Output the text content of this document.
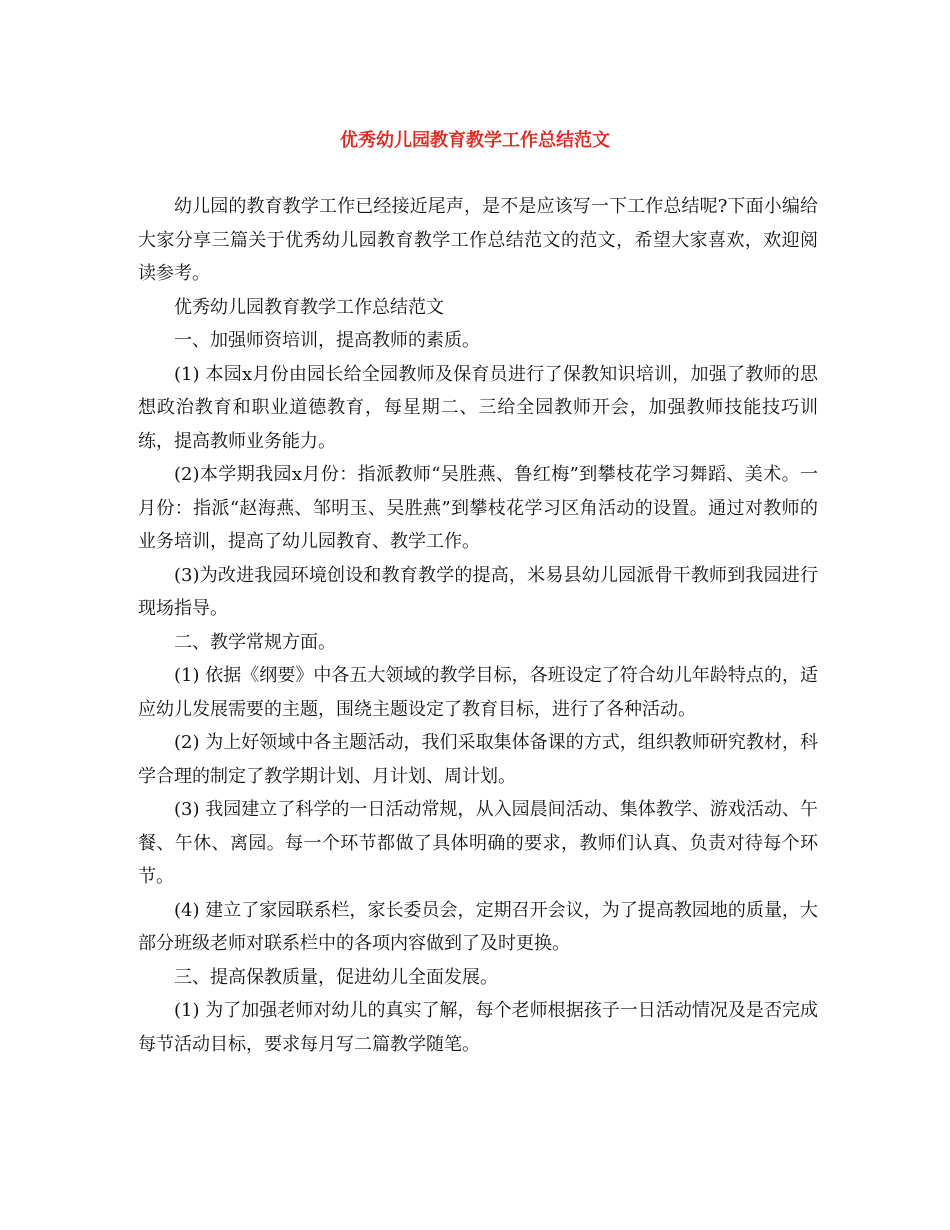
优秀幼儿园教育教学工作总结范文

幼儿园的教育教学工作已经接近尾声，是不是应该写一下工作总结呢?下面小编给大家分享三篇关于优秀幼儿园教育教学工作总结范文的范文，希望大家喜欢，欢迎阅读参考。

优秀幼儿园教育教学工作总结范文

一、加强师资培训，提高教师的素质。

(1) 本园x月份由园长给全园教师及保育员进行了保教知识培训，加强了教师的思想政治教育和职业道德教育，每星期二、三给全园教师开会，加强教师技能技巧训练，提高教师业务能力。

(2)本学期我园x月份：指派教师“吴胜燕、鲁红梅”到攀枝花学习舞蹈、美术。一月份：指派“赵海燕、邹明玉、吴胜燕”到攀枝花学习区角活动的设置。通过对教师的业务培训，提高了幼儿园教育、教学工作。

(3)为改进我园环境创设和教育教学的提高，米易县幼儿园派骨干教师到我园进行现场指导。

二、教学常规方面。

(1) 依据《纲要》中各五大领域的教学目标，各班设定了符合幼儿年龄特点的，适应幼儿发展需要的主题，围绕主题设定了教育目标，进行了各种活动。

(2) 为上好领域中各主题活动，我们采取集体备课的方式，组织教师研究教材，科学合理的制定了教学期计划、月计划、周计划。

(3) 我园建立了科学的一日活动常规，从入园晨间活动、集体教学、游戏活动、午餐、午休、离园。每一个环节都做了具体明确的要求，教师们认真、负责对待每个环节。

(4) 建立了家园联系栏，家长委员会，定期召开会议，为了提高教园地的质量，大部分班级老师对联系栏中的各项内容做到了及时更换。

三、提高保教质量，促进幼儿全面发展。

(1) 为了加强老师对幼儿的真实了解，每个老师根据孩子一日活动情况及是否完成每节活动目标，要求每月写二篇教学随笔。
